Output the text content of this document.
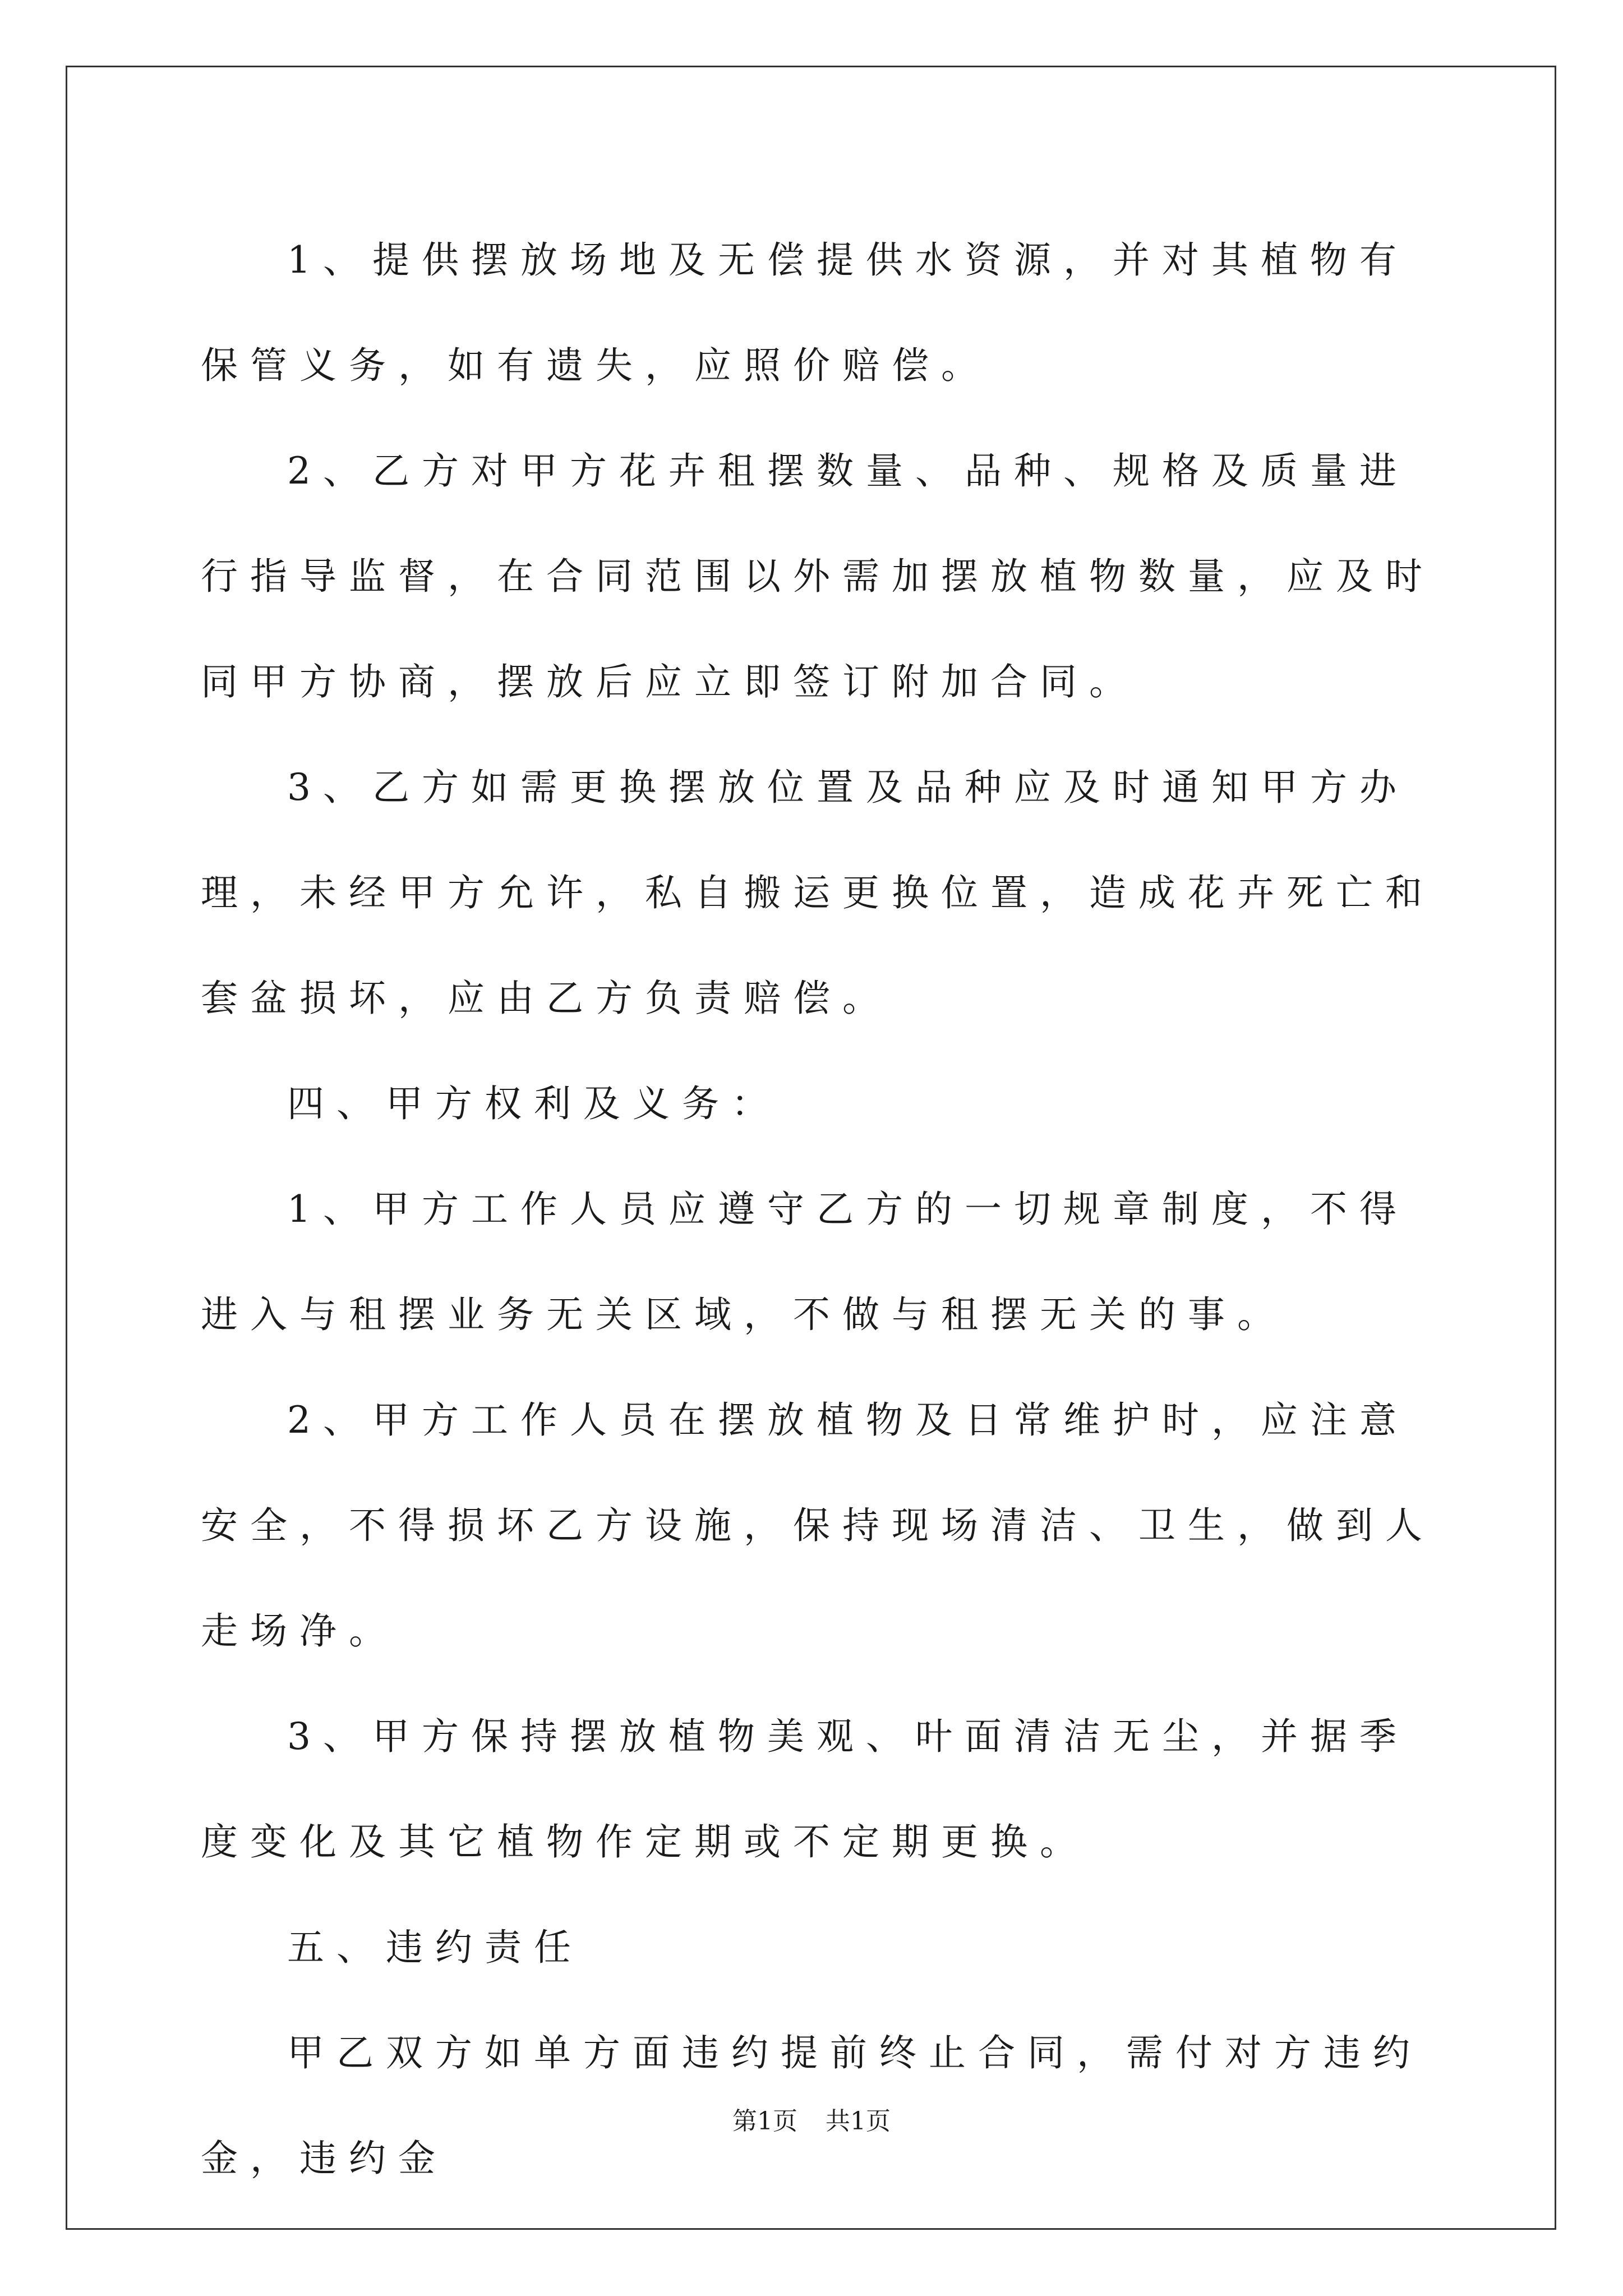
1、提供摆放场地及无偿提供水资源，并对其植物有保管义务，如有遗失，应照价赔偿。

2、乙方对甲方花卉租摆数量、品种、规格及质量进行指导监督，在合同范围以外需加摆放植物数量，应及时同甲方协商，摆放后应立即签订附加合同。

3、乙方如需更换摆放位置及品种应及时通知甲方办理，未经甲方允许，私自搬运更换位置，造成花卉死亡和套盆损坏，应由乙方负责赔偿。

四、甲方权利及义务：

1、甲方工作人员应遵守乙方的一切规章制度，不得进入与租摆业务无关区域，不做与租摆无关的事。

2、甲方工作人员在摆放植物及日常维护时，应注意安全，不得损坏乙方设施，保持现场清洁、卫生，做到人走场净。

3、甲方保持摆放植物美观、叶面清洁无尘，并据季度变化及其它植物作定期或不定期更换。

五、违约责任

甲乙双方如单方面违约提前终止合同，需付对方违约金，违约金

第1页 共1页
